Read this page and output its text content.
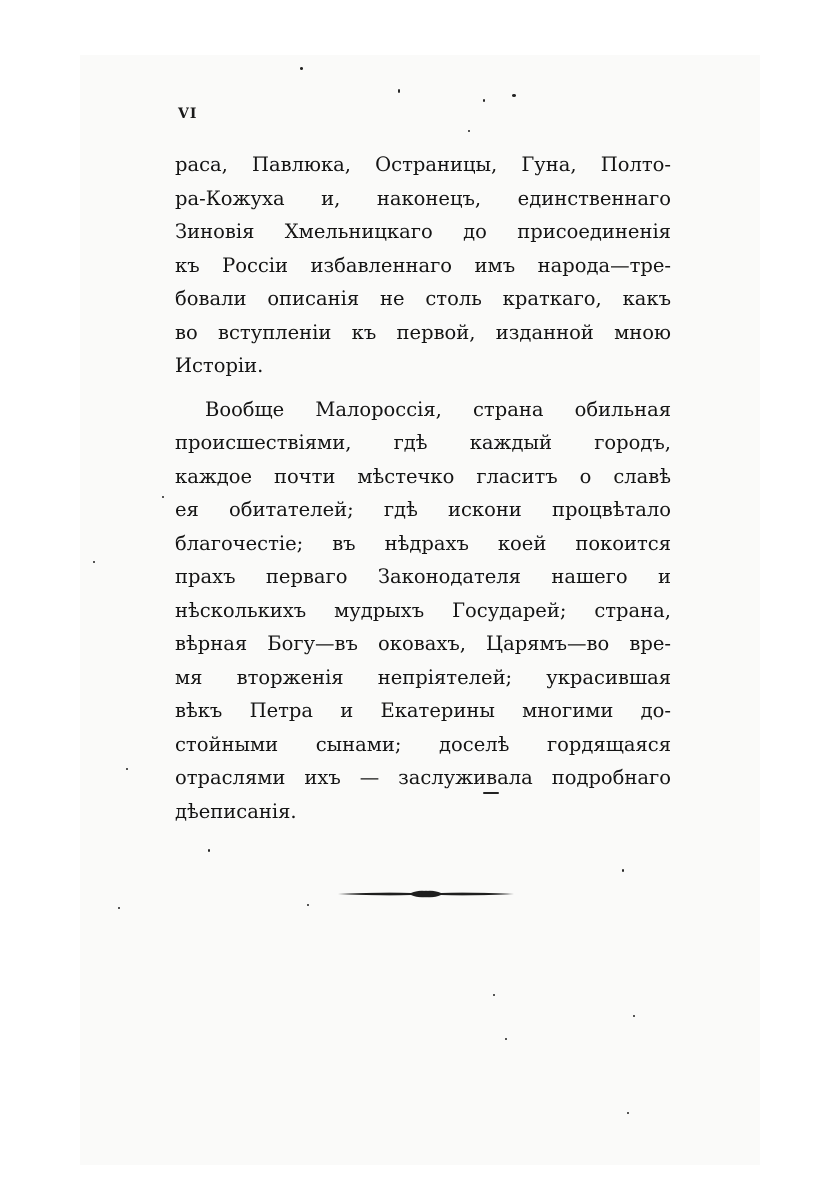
VI
раса, Павлюка, Остраницы, Гуна, Полто-
ра-Кожуха и, наконецъ, единственнаго
Зиновія Хмельницкаго до присоединенія
къ Россіи избавленнаго имъ народа—тре-
бовали описанія не столь краткаго, какъ
во вступленіи къ первой, изданной мною
Исторіи.
Вообще Малороссія, страна обильная
происшествіями, гдѣ каждый городъ,
каждое почти мѣстечко гласитъ о славѣ
ея обитателей; гдѣ искони процвѣтало
благочестіе; въ нѣдрахъ коей покоится
прахъ перваго Законодателя нашего и
нѣсколькихъ мудрыхъ Государей; страна,
вѣрная Богу—въ оковахъ, Царямъ—во вре-
мя вторженія непріятелей; украсившая
вѣкъ Петра и Екатерины многими до-
стойными сынами; доселѣ гордящаяся
отраслями ихъ — заслуживала подробнаго
дѣеписанія.
